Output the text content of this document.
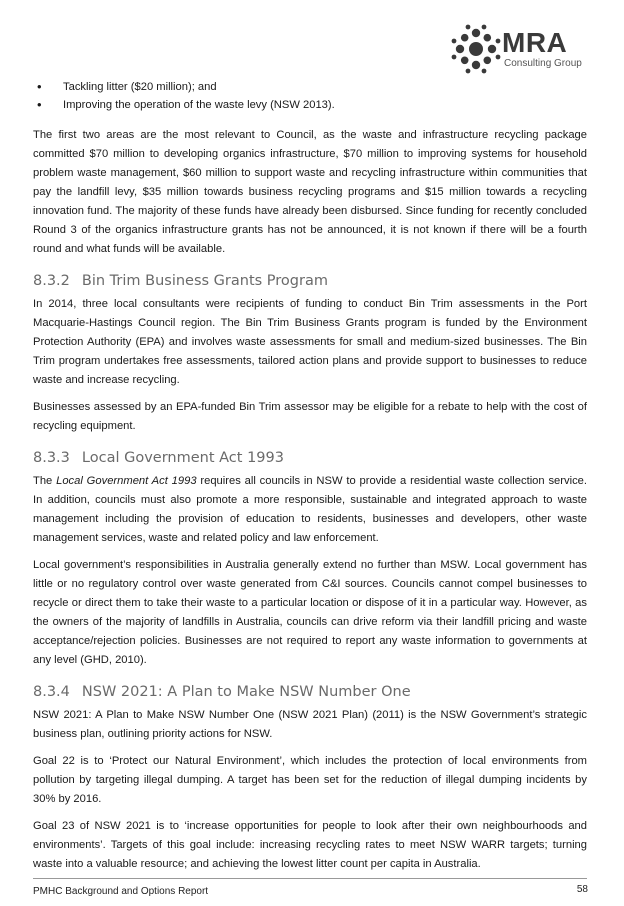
MRA
Consulting Group
• Tackling litter ($20 million); and
• Improving the operation of the waste levy (NSW 2013).

The first two areas are the most relevant to Council, as the waste and infrastructure recycling package committed $70 million to developing organics infrastructure, $70 million to improving systems for household problem waste management, $60 million to support waste and recycling infrastructure within communities that pay the landfill levy, $35 million towards business recycling programs and $15 million towards a recycling innovation fund. The majority of these funds have already been disbursed. Since funding for recently concluded Round 3 of the organics infrastructure grants has not be announced, it is not known if there will be a fourth round and what funds will be available.

8.3.2 Bin Trim Business Grants Program

In 2014, three local consultants were recipients of funding to conduct Bin Trim assessments in the Port Macquarie-Hastings Council region. The Bin Trim Business Grants program is funded by the Environment Protection Authority (EPA) and involves waste assessments for small and medium-sized businesses. The Bin Trim program undertakes free assessments, tailored action plans and provide support to businesses to reduce waste and increase recycling.

Businesses assessed by an EPA-funded Bin Trim assessor may be eligible for a rebate to help with the cost of recycling equipment.

8.3.3 Local Government Act 1993

The Local Government Act 1993 requires all councils in NSW to provide a residential waste collection service. In addition, councils must also promote a more responsible, sustainable and integrated approach to waste management including the provision of education to residents, businesses and developers, other waste management services, waste and related policy and law enforcement.

Local government’s responsibilities in Australia generally extend no further than MSW. Local government has little or no regulatory control over waste generated from C&I sources. Councils cannot compel businesses to recycle or direct them to take their waste to a particular location or dispose of it in a particular way. However, as the owners of the majority of landfills in Australia, councils can drive reform via their landfill pricing and waste acceptance/rejection policies. Businesses are not required to report any waste information to governments at any level (GHD, 2010).

8.3.4 NSW 2021: A Plan to Make NSW Number One

NSW 2021: A Plan to Make NSW Number One (NSW 2021 Plan) (2011) is the NSW Government’s strategic business plan, outlining priority actions for NSW.

Goal 22 is to ‘Protect our Natural Environment’, which includes the protection of local environments from pollution by targeting illegal dumping. A target has been set for the reduction of illegal dumping incidents by 30% by 2016.

Goal 23 of NSW 2021 is to ‘increase opportunities for people to look after their own neighbourhoods and environments’. Targets of this goal include: increasing recycling rates to meet NSW WARR targets; turning waste into a valuable resource; and achieving the lowest litter count per capita in Australia.

PMHC Background and Options Report	58
